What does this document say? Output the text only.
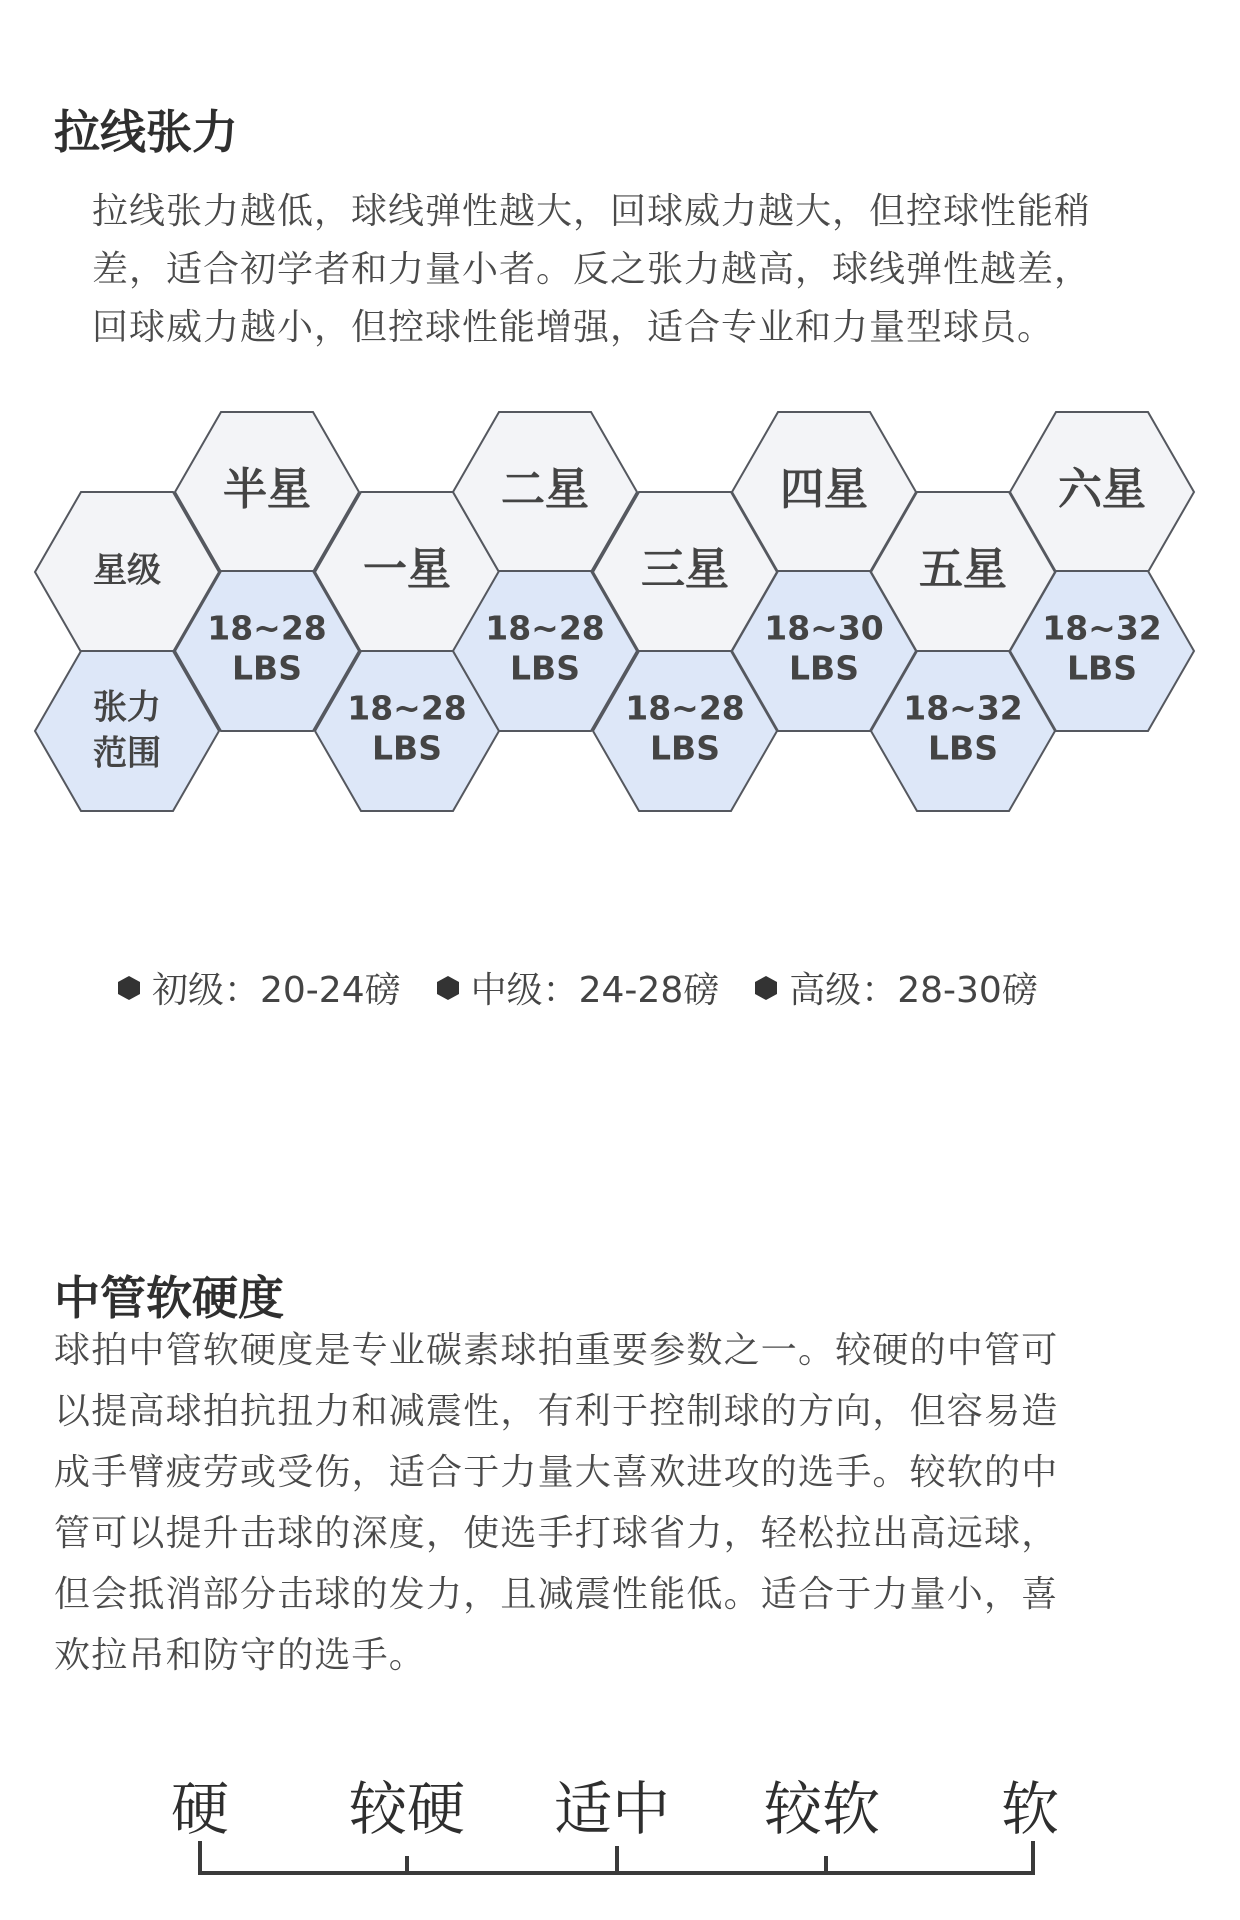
拉线张力

拉线张力越低，球线弹性越大，回球威力越大，但控球性能稍
差，适合初学者和力量小者。反之张力越高，球线弹性越差，
回球威力越小，但控球性能增强，适合专业和力量型球员。

星级
张力
范围
半星
18~28
LBS
一星
18~28
LBS
二星
18~28
LBS
三星
18~28
LBS
四星
18~30
LBS
五星
18~32
LBS
六星
18~32
LBS
初级：20-24磅 中级：24-28磅 高级：28-30磅
中管软硬度

球拍中管软硬度是专业碳素球拍重要参数之一。较硬的中管可
以提高球拍抗扭力和减震性，有利于控制球的方向，但容易造
成手臂疲劳或受伤，适合于力量大喜欢进攻的选手。较软的中
管可以提升击球的深度，使选手打球省力，轻松拉出高远球，
但会抵消部分击球的发力，且减震性能低。适合于力量小，喜
欢拉吊和防守的选手。

硬 较硬 适中 较软 软
